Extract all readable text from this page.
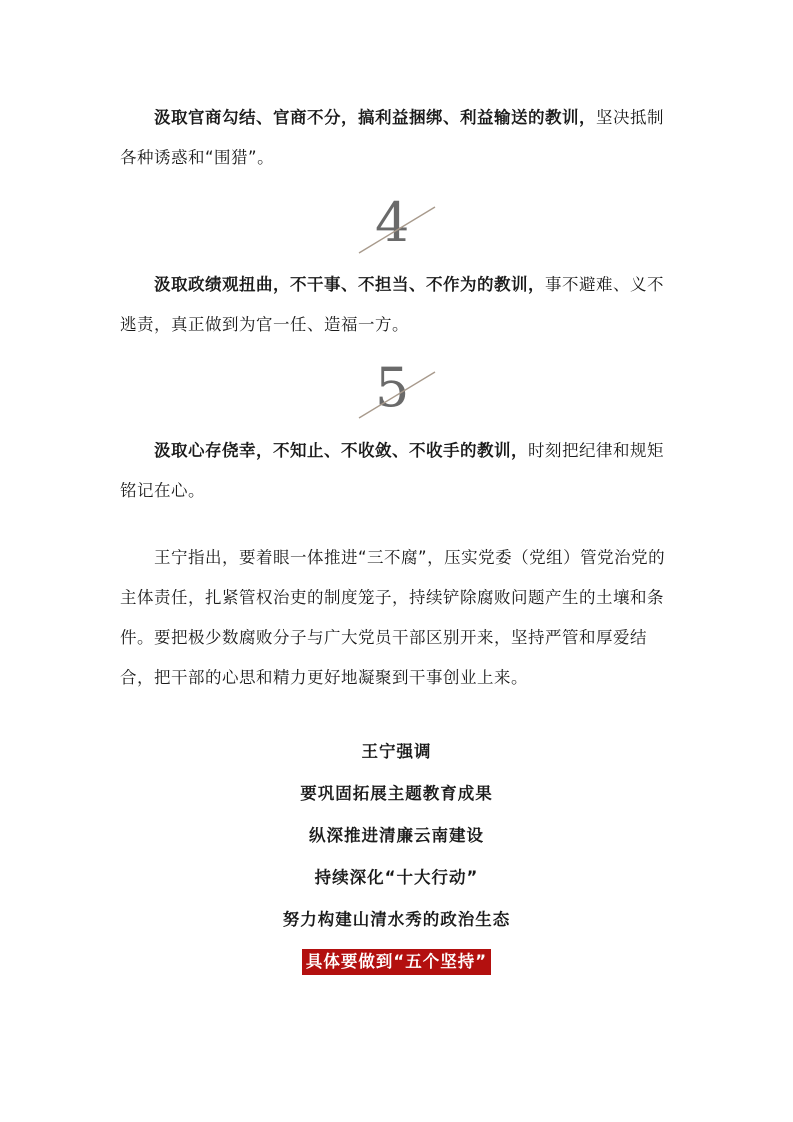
汲取官商勾结、官商不分，搞利益捆绑、利益输送的教训，坚决抵制各种诱惑和“围猎”。

4

汲取政绩观扭曲，不干事、不担当、不作为的教训，事不避难、义不逃责，真正做到为官一任、造福一方。

5

汲取心存侥幸，不知止、不收敛、不收手的教训，时刻把纪律和规矩铭记在心。

王宁指出，要着眼一体推进“三不腐”，压实党委（党组）管党治党的主体责任，扎紧管权治吏的制度笼子，持续铲除腐败问题产生的土壤和条件。要把极少数腐败分子与广大党员干部区别开来，坚持严管和厚爱结合，把干部的心思和精力更好地凝聚到干事创业上来。

王宁强调

要巩固拓展主题教育成果

纵深推进清廉云南建设

持续深化“十大行动”

努力构建山清水秀的政治生态

具体要做到“五个坚持”
